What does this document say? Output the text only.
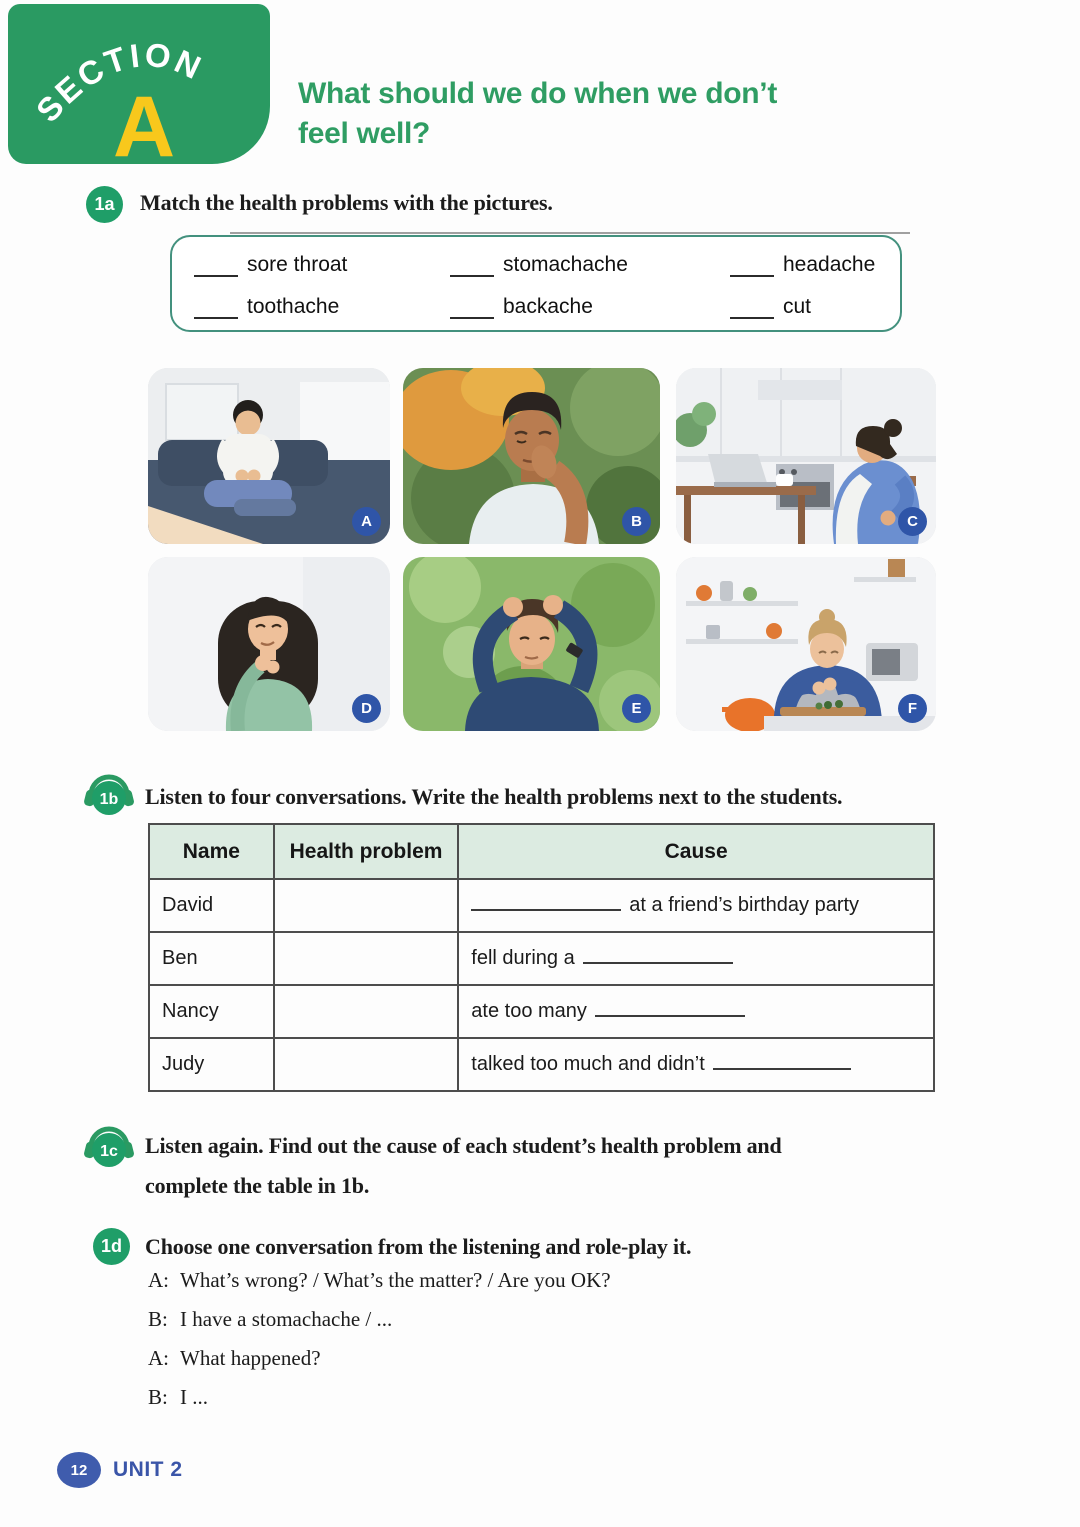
SECTION
A	What should we do when we don’t
feel well?
1a	Match the health problems with the pictures.
sore throat	stomachache	headache
toothache	backache	cut
A	B	C
D	E	F
1b Listen to four conversations. Write the health problems next to the students.
Name	Health problem	Cause
David		at a friend’s birthday party
Ben		fell during a
Nancy		ate too many
Judy		talked too much and didn’t
1c Listen again. Find out the cause of each student’s health problem and
complete the table in 1b.
1d	Choose one conversation from the listening and role-play it.
A: What’s wrong? / What’s the matter? / Are you OK?
B: I have a stomachache / ...
A: What happened?
B: I ...
12	UNIT 2
